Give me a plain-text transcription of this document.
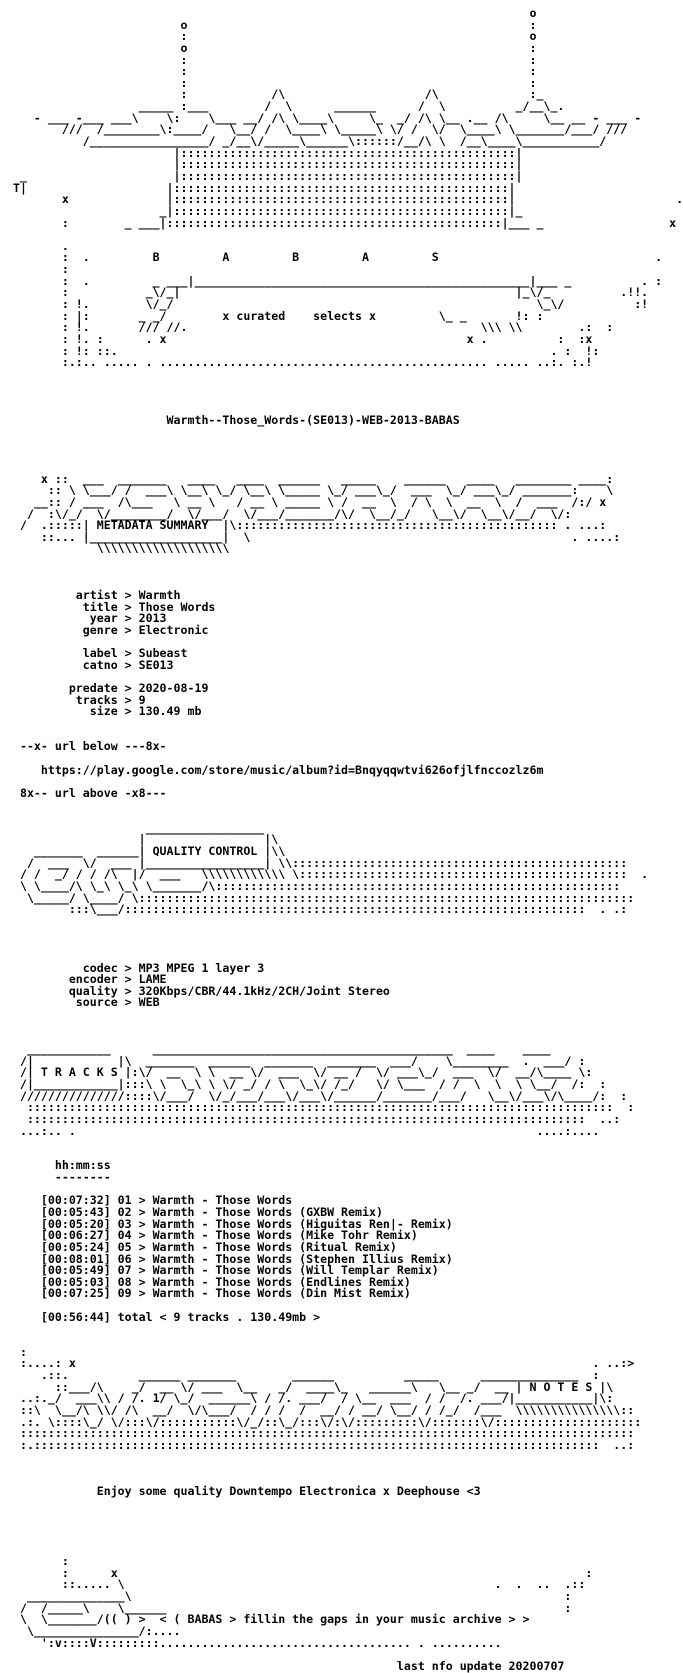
o
o                                                 :
:                                                 o
o                                                 :
:                                                 :
:                                                 :
:                                                 :
:            /\                    /\             :_
_____ :___        /  \      ______      /  \          _/__\_.
- ___ -___ ___\    \:    \___ __/ /\ \____\     \_  _/ /\ \__ .__ /\     \__ __ - ___ -
///  /________\:____/   \__/ /  \____\ \_____\ \/ /  \/  \____\ \_______/___/ ///
/_________________/ _/__\/_____\______\::::::/__/\ \  /__\____\___________/
|::::::::::::::::::::::::::::::::::::::::::::::::|
|::::::::::::::::::::::::::::::::::::::::::::::::|
_                     |::::::::::::::::::::::::::::::::::::::::::::::::|
T|                    |::::::::::::::::::::::::::::::::::::::::::::::::|
x              |::::::::::::::::::::::::::::::::::::::::::::::::|                       .
_|::::::::::::::::::::::::::::::::::::::::::::::::|_
:        _ ___|::::::::::::::::::::::::::::::::::::::::::::::::|___ _                  x

.
:  .         B         A         B         A         S                               .
:
:  .         _ ___|________________________________________________|___ _          . :
:           _\/_|                                                |_\/_          .!!.
: !.        \/_/                                                    \_\/          :!
: |:       _ _/        x curated    selects x         \_ _       !: :
: !.       /// //.                                          \\\ \\        .:  :
: !. :      . x                                           x .          :  :x
: !: ::.                                                              . :  !:
:.:.. ..... . ............................................... ..... ..:. :.!

Warmth--Those_Words-(SE013)-WEB-2013-BABAS

x ::  ___  _______   ____   ____  ______   _____    ______   ____   ________ ____:
:: \ \___/ /  ___\ \__\ \_/ \__\ \_____ \_/ ___\_/  ___  \_/ ___\_/ _______:    \
__:: / ___  /\___   \ __ \   / __ \ _____ \ /  __  \  / \  \  __  \  /  ___  /:/ x
/  :\/_/  \/________/  \/___/  \/___/_______/\/  \__/_/   \__\/  \__\/__/  \/:
/  .:::::| METADATA SUMMARY  |\:::::::::::::::::::::::::::::::::::::::::::::: . ...:
::... |___________________|  \                                              . ....:
\\\\\\\\\\\\\\\\\\\

artist > Warmth
title > Those Words
year > 2013
genre > Electronic

label > Subeast
catno > SE013

predate > 2020-08-19
tracks > 9
size > 130.49 mb

--x- url below ---8x-

https://play.google.com/store/music/album?id=Bnqyqqwtvi626ofjlfnccozlz6m

8x-- url above -x8---

_________________
|                 |\
_______  ______| QUALITY CONTROL |\\
/  ___  \/  ___ |_________________| \\::::::::::::::::::::::::::::::::::::::::::::::::
/ /  _/ / / /\  |/  ___   \\\\\\\\\\\\ \:::::::::::::::::::::::::::::::::::::::::::::::  .
\ \____/\ \_\ \_\ \_______/\::::::::::::::::::::::::::::::::::::::::::::::::::::::::::
\_____/ \____/ \:::::::::::::::::::::::::::::::::::::::::::::::::::::::::::::::::::::::
:::\___/::::::::::::::::::::::::::::::::::::::::::::::::::::::::::::::::::  . .:

codec > MP3 MPEG 1 layer 3
encoder > LAME
quality > 320Kbps/CBR/44.1kHz/2CH/Joint Stereo
source > WEB

____________      ___________________________________________  ____    ____
/|            |\  _______  ______  _______  _______  ___/    \________  .  ___/ :
/| T R A C K S |:\/  __  \ \  __ \/  ___  \/ __ /  \/ ___\_/  ___  \/  __/\____ \:
/|____________|:::\ \  \_\ \ \/ _/ / \  \_\/ /_/   \/ \___  / /  \  \  \ \__/  /:  :
///////////////::::\/___/  \/_/___/___\/___\/______/_______/___/   \__\/___\/\____/:  :
::::::::::::::::::::::::::::::::::::::::::::::::::::::::::::::::::::::::::::::::::::  :
::::::::::::::::::::::::::::::::::::::::::::::::::::::::::::::::::::::::::::::::  ..:
...:.. .                                                                  ....:....

hh:mm:ss
--------

[00:07:32] 01 > Warmth - Those Words
[00:05:43] 02 > Warmth - Those Words (GXBW Remix)
[00:05:20] 03 > Warmth - Those Words (Higuitas Ren|- Remix)
[00:06:27] 04 > Warmth - Those Words (Mike Tohr Remix)
[00:05:24] 05 > Warmth - Those Words (Ritual Remix)
[00:08:01] 06 > Warmth - Those Words (Stephen Illius Remix)
[00:05:49] 07 > Warmth - Those Words (Will Templar Remix)
[00:05:03] 08 > Warmth - Those Words (Endlines Remix)
[00:07:25] 09 > Warmth - Those Words (Din Mist Remix)

[00:56:44] total < 9 tracks . 130.49mb >

:
:....: x                                                                          . ..:>
.::.          ______ _______        ______          _____      ______________  :
::___/\    _/  __ \/ ___  \__   _/  ____\_   ______\   \__ _/  __ | N O T E S |\
..:._/  ___\\ / /. 1/ \_/  ______\ / /. ___/  / \__  ___  / /  /. ___/|___________|\:
::\  \__/\ \\/ /\  __/  \/\___/  / / /  /  __/ / __/ \__/ / /_/  /___  \\\\\\\\\\\\\\\::
.:. \::::\_/ \/:::\/:::::::::::\/_/::\_/:::\/:\/:::::::::\/:::::::\/:::::::::::::::::::::
::::::::::::::::::::::::::::::::::::::::::::::::::::::::::::::::::::::::::::::::::::::::
:.:::::::::::::::::::::::::::::::::::::::::::::::::::::::::::::::::::::::::::::::::  ..:

Enjoy some quality Downtempo Electronica x Deephouse <3

:
:      x                                                                   :
::..... \                                                     .  .  ..  .::
______________\                                                              :
/  /_____\    \______                                                         :
\  \_______/(( ) >  < ( BABAS > fillin the gaps in your music archive > >
\_______________/:....
':v::::V:::::::::.................................... . ..........

last nfo update 20200707
